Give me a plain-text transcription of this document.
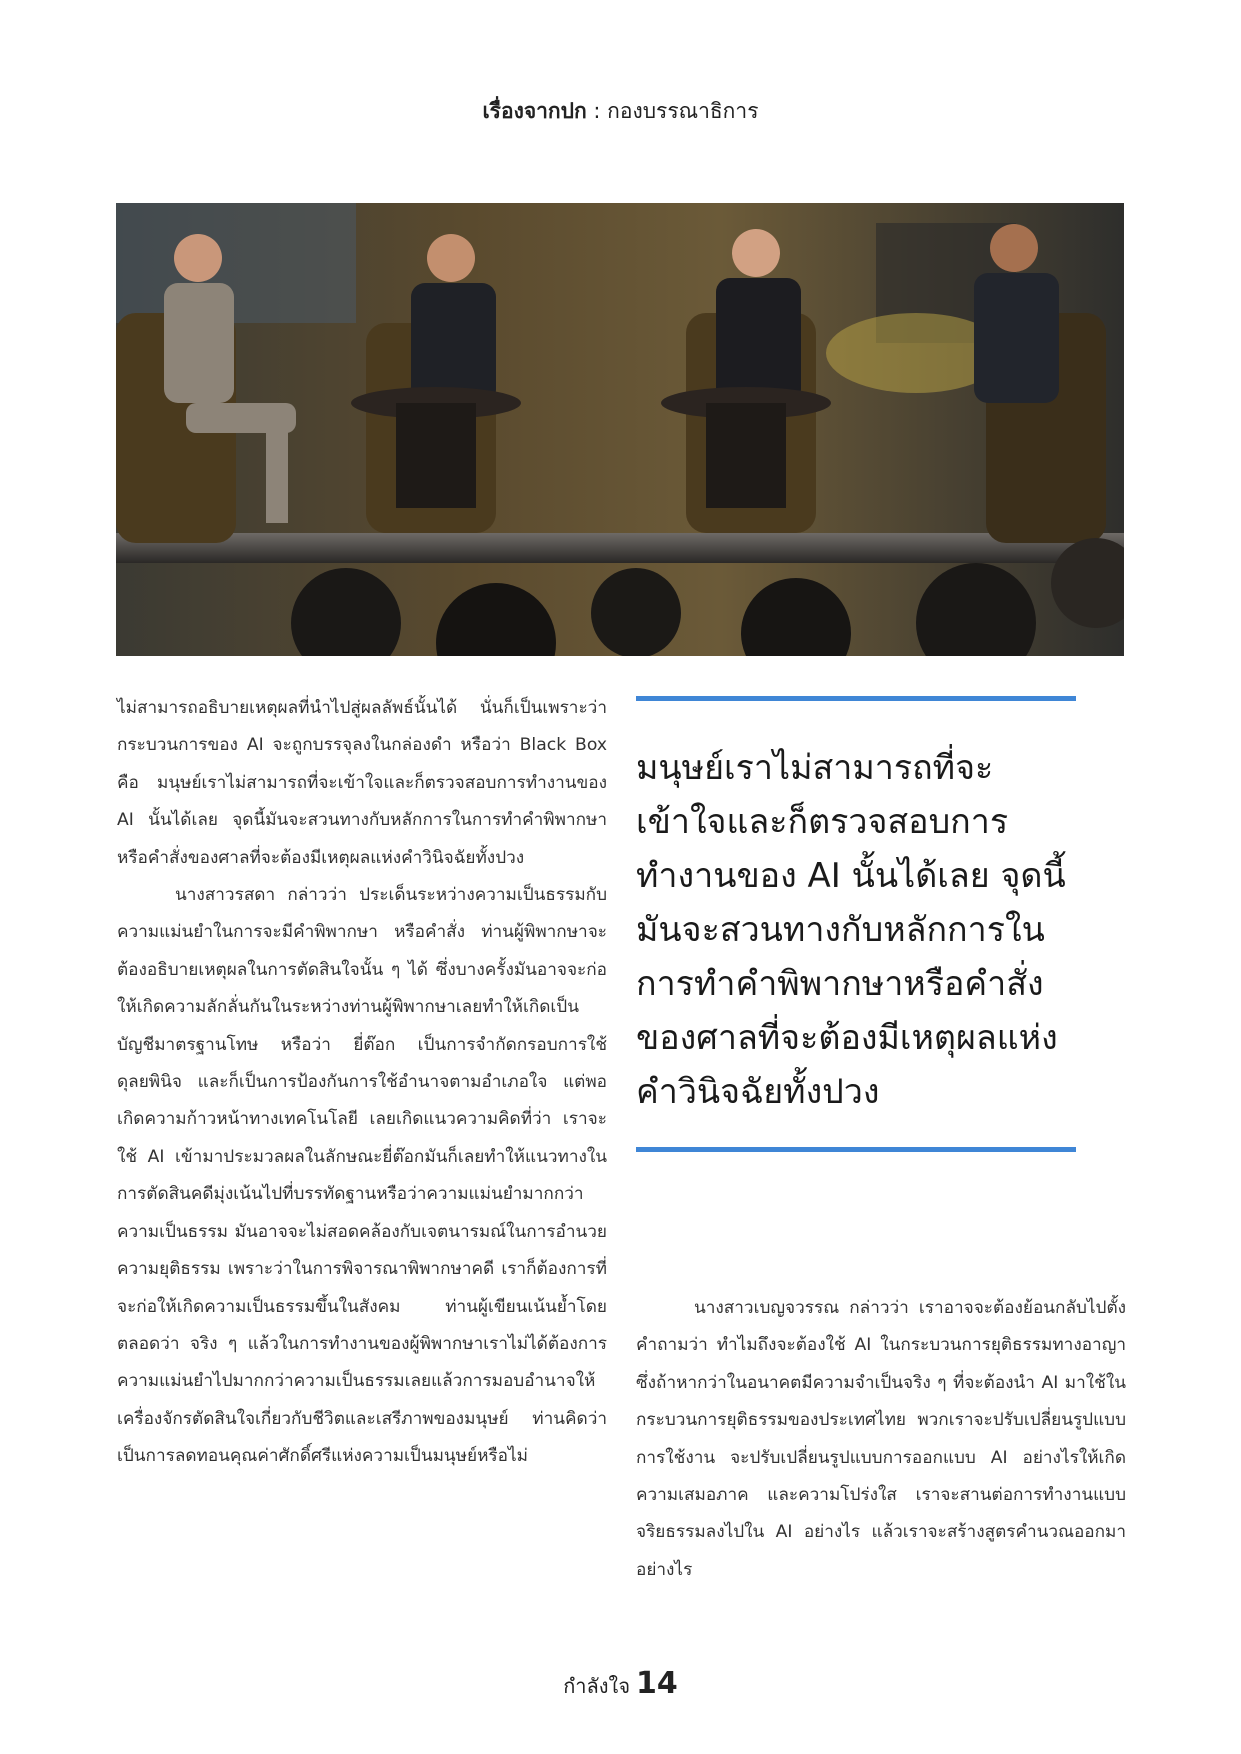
เรื่องจากปก : กองบรรณาธิการ

ไม่สามารถอธิบายเหตุผลที่นำไปสู่ผลลัพธ์นั้นได้ นั่นก็เป็นเพราะว่า กระบวนการของ AI จะถูกบรรจุลงในกล่องดำ หรือว่า Black Box คือ มนุษย์เราไม่สามารถที่จะเข้าใจและก็ตรวจสอบการทำงานของ AI นั้นได้เลย จุดนี้มันจะสวนทางกับหลักการในการทำคำพิพากษาหรือคำสั่งของศาลที่จะต้องมีเหตุผลแห่งคำวินิจฉัยทั้งปวง

นางสาวรสดา กล่าวว่า ประเด็นระหว่างความเป็นธรรมกับความแม่นยำในการจะมีคำพิพากษา หรือคำสั่ง ท่านผู้พิพากษาจะต้องอธิบายเหตุผลในการตัดสินใจนั้น ๆ ได้ ซึ่งบางครั้งมันอาจจะก่อให้เกิดความลักลั่นกันในระหว่างท่านผู้พิพากษาเลยทำให้เกิดเป็นบัญชีมาตรฐานโทษ หรือว่า ยี่ต๊อก เป็นการจำกัดกรอบการใช้ดุลยพินิจ และก็เป็นการป้องกันการใช้อำนาจตามอำเภอใจ แต่พอเกิดความก้าวหน้าทางเทคโนโลยี เลยเกิดแนวความคิดที่ว่า เราจะใช้ AI เข้ามาประมวลผลในลักษณะยี่ต๊อกมันก็เลยทำให้แนวทางในการตัดสินคดีมุ่งเน้นไปที่บรรทัดฐานหรือว่าความแม่นยำมากกว่าความเป็นธรรม มันอาจจะไม่สอดคล้องกับเจตนารมณ์ในการอำนวยความยุติธรรม เพราะว่าในการพิจารณาพิพากษาคดี เราก็ต้องการที่จะก่อให้เกิดความเป็นธรรมขึ้นในสังคม ท่านผู้เขียนเน้นย้ำโดยตลอดว่า จริง ๆ แล้วในการทำงานของผู้พิพากษาเราไม่ได้ต้องการความแม่นยำไปมากกว่าความเป็นธรรมเลยแล้วการมอบอำนาจให้เครื่องจักรตัดสินใจเกี่ยวกับชีวิตและเสรีภาพของมนุษย์ ท่านคิดว่าเป็นการลดทอนคุณค่าศักดิ์ศรีแห่งความเป็นมนุษย์หรือไม่

มนุษย์เราไม่สามารถที่จะเข้าใจและก็ตรวจสอบการทำงานของ AI นั้นได้เลย จุดนี้มันจะสวนทางกับหลักการในการทำคำพิพากษาหรือคำสั่งของศาลที่จะต้องมีเหตุผลแห่งคำวินิจฉัยทั้งปวง

นางสาวเบญจวรรณ กล่าวว่า เราอาจจะต้องย้อนกลับไปตั้งคำถามว่า ทำไมถึงจะต้องใช้ AI ในกระบวนการยุติธรรมทางอาญา ซึ่งถ้าหากว่าในอนาคตมีความจำเป็นจริง ๆ ที่จะต้องนำ AI มาใช้ในกระบวนการยุติธรรมของประเทศไทย พวกเราจะปรับเปลี่ยนรูปแบบการใช้งาน จะปรับเปลี่ยนรูปแบบการออกแบบ AI อย่างไรให้เกิดความเสมอภาค และความโปร่งใส เราจะสานต่อการทำงานแบบจริยธรรมลงไปใน AI อย่างไร แล้วเราจะสร้างสูตรคำนวณออกมาอย่างไร

กำลังใจ 14
